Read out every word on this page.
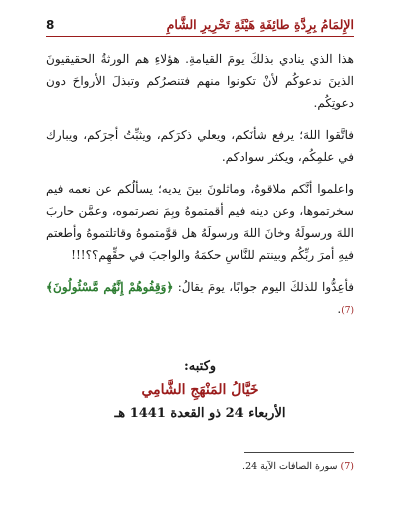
الإِلمَامُ بِرِدَّةِ طائِفَةِ هَيْئَةِ تَحْرِيرِ الشَّامِ
8

هذا الذي ينادي بذلكَ يومَ القيامةِ. هؤلاءِ هم الورثةُ الحقيقيونَ الذينَ ندعوكُم لأنْ تكونوا منهم فتنصرُكم وتبذلَ الأرواحَ دون دعوتِكُم.

فاتَّقوا اللهَ؛ يرفع شأنَكم، ويعلي ذكرَكم، ويثبِّتُ أجرَكم، ويبارك في علمِكُم، ويكثر سوادكم.

واعلموا أنَّكم ملاقوهُ، وماثلونَ بينَ يديه؛ يسألُكم عن نعمه فيم سخرتموها، وعن دينه فيم أقمتموهُ وبِمَ نصرتموه، وعمَّن حاربَ اللهَ ورسولَهُ وخانَ اللهَ ورسولَهُ هل قوَّمتموهُ وقاتلتموهُ وأطعتم فيهِ أمرَ ربِّكُم وبينتم للنَّاسِ حكمَهُ والواجبَ في حقِّهِم؟؟!!!

فأعِدُّوا للذلكَ اليوم جوابًا، يومَ يقالُ: ﴿وَقِفُوهُمْ إِنَّهُم مَّسْئُولُونَ﴾(7).

وكتبه:
خَيَّالُ المَنْهَجِ الشَّامِي
الأربعاء 24 ذو القعدة 1441 هـ
(7) سورة الصافات الآية 24.
